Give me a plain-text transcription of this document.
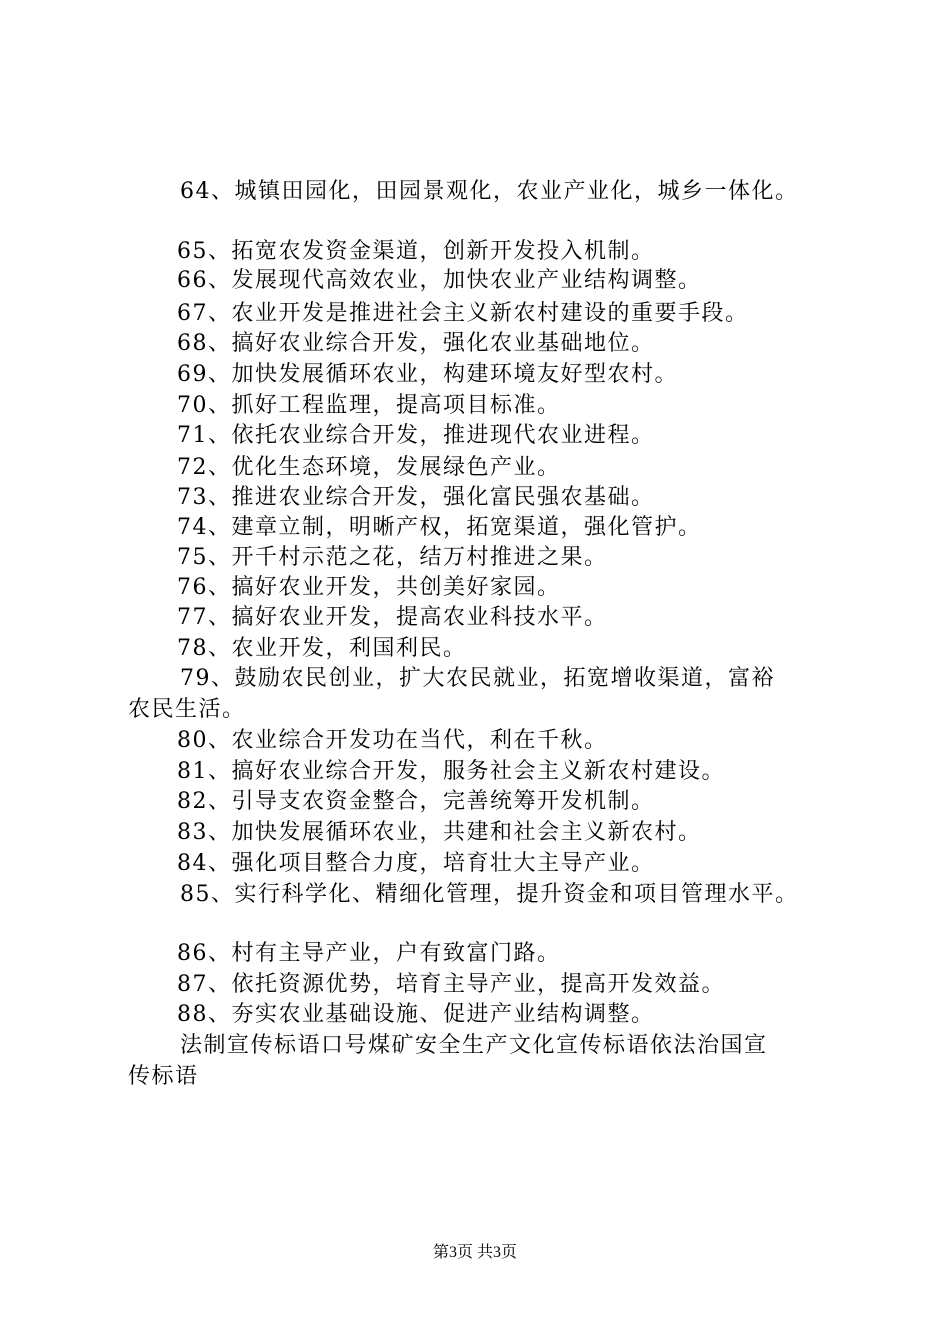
64、城镇田园化，田园景观化，农业产业化，城乡一体化。
65、拓宽农发资金渠道，创新开发投入机制。
66、发展现代高效农业，加快农业产业结构调整。
67、农业开发是推进社会主义新农村建设的重要手段。
68、搞好农业综合开发，强化农业基础地位。
69、加快发展循环农业，构建环境友好型农村。
70、抓好工程监理，提高项目标准。
71、依托农业综合开发，推进现代农业进程。
72、优化生态环境，发展绿色产业。
73、推进农业综合开发，强化富民强农基础。
74、建章立制，明晰产权，拓宽渠道，强化管护。
75、开千村示范之花，结万村推进之果。
76、搞好农业开发，共创美好家园。
77、搞好农业开发，提高农业科技水平。
78、农业开发，利国利民。
79、鼓励农民创业，扩大农民就业，拓宽增收渠道，富裕
农民生活。
80、农业综合开发功在当代，利在千秋。
81、搞好农业综合开发，服务社会主义新农村建设。
82、引导支农资金整合，完善统筹开发机制。
83、加快发展循环农业，共建和社会主义新农村。
84、强化项目整合力度，培育壮大主导产业。
85、实行科学化、精细化管理，提升资金和项目管理水平。
86、村有主导产业，户有致富门路。
87、依托资源优势，培育主导产业，提高开发效益。
88、夯实农业基础设施、促进产业结构调整。
法制宣传标语口号煤矿安全生产文化宣传标语依法治国宣
传标语
第3页 共3页
